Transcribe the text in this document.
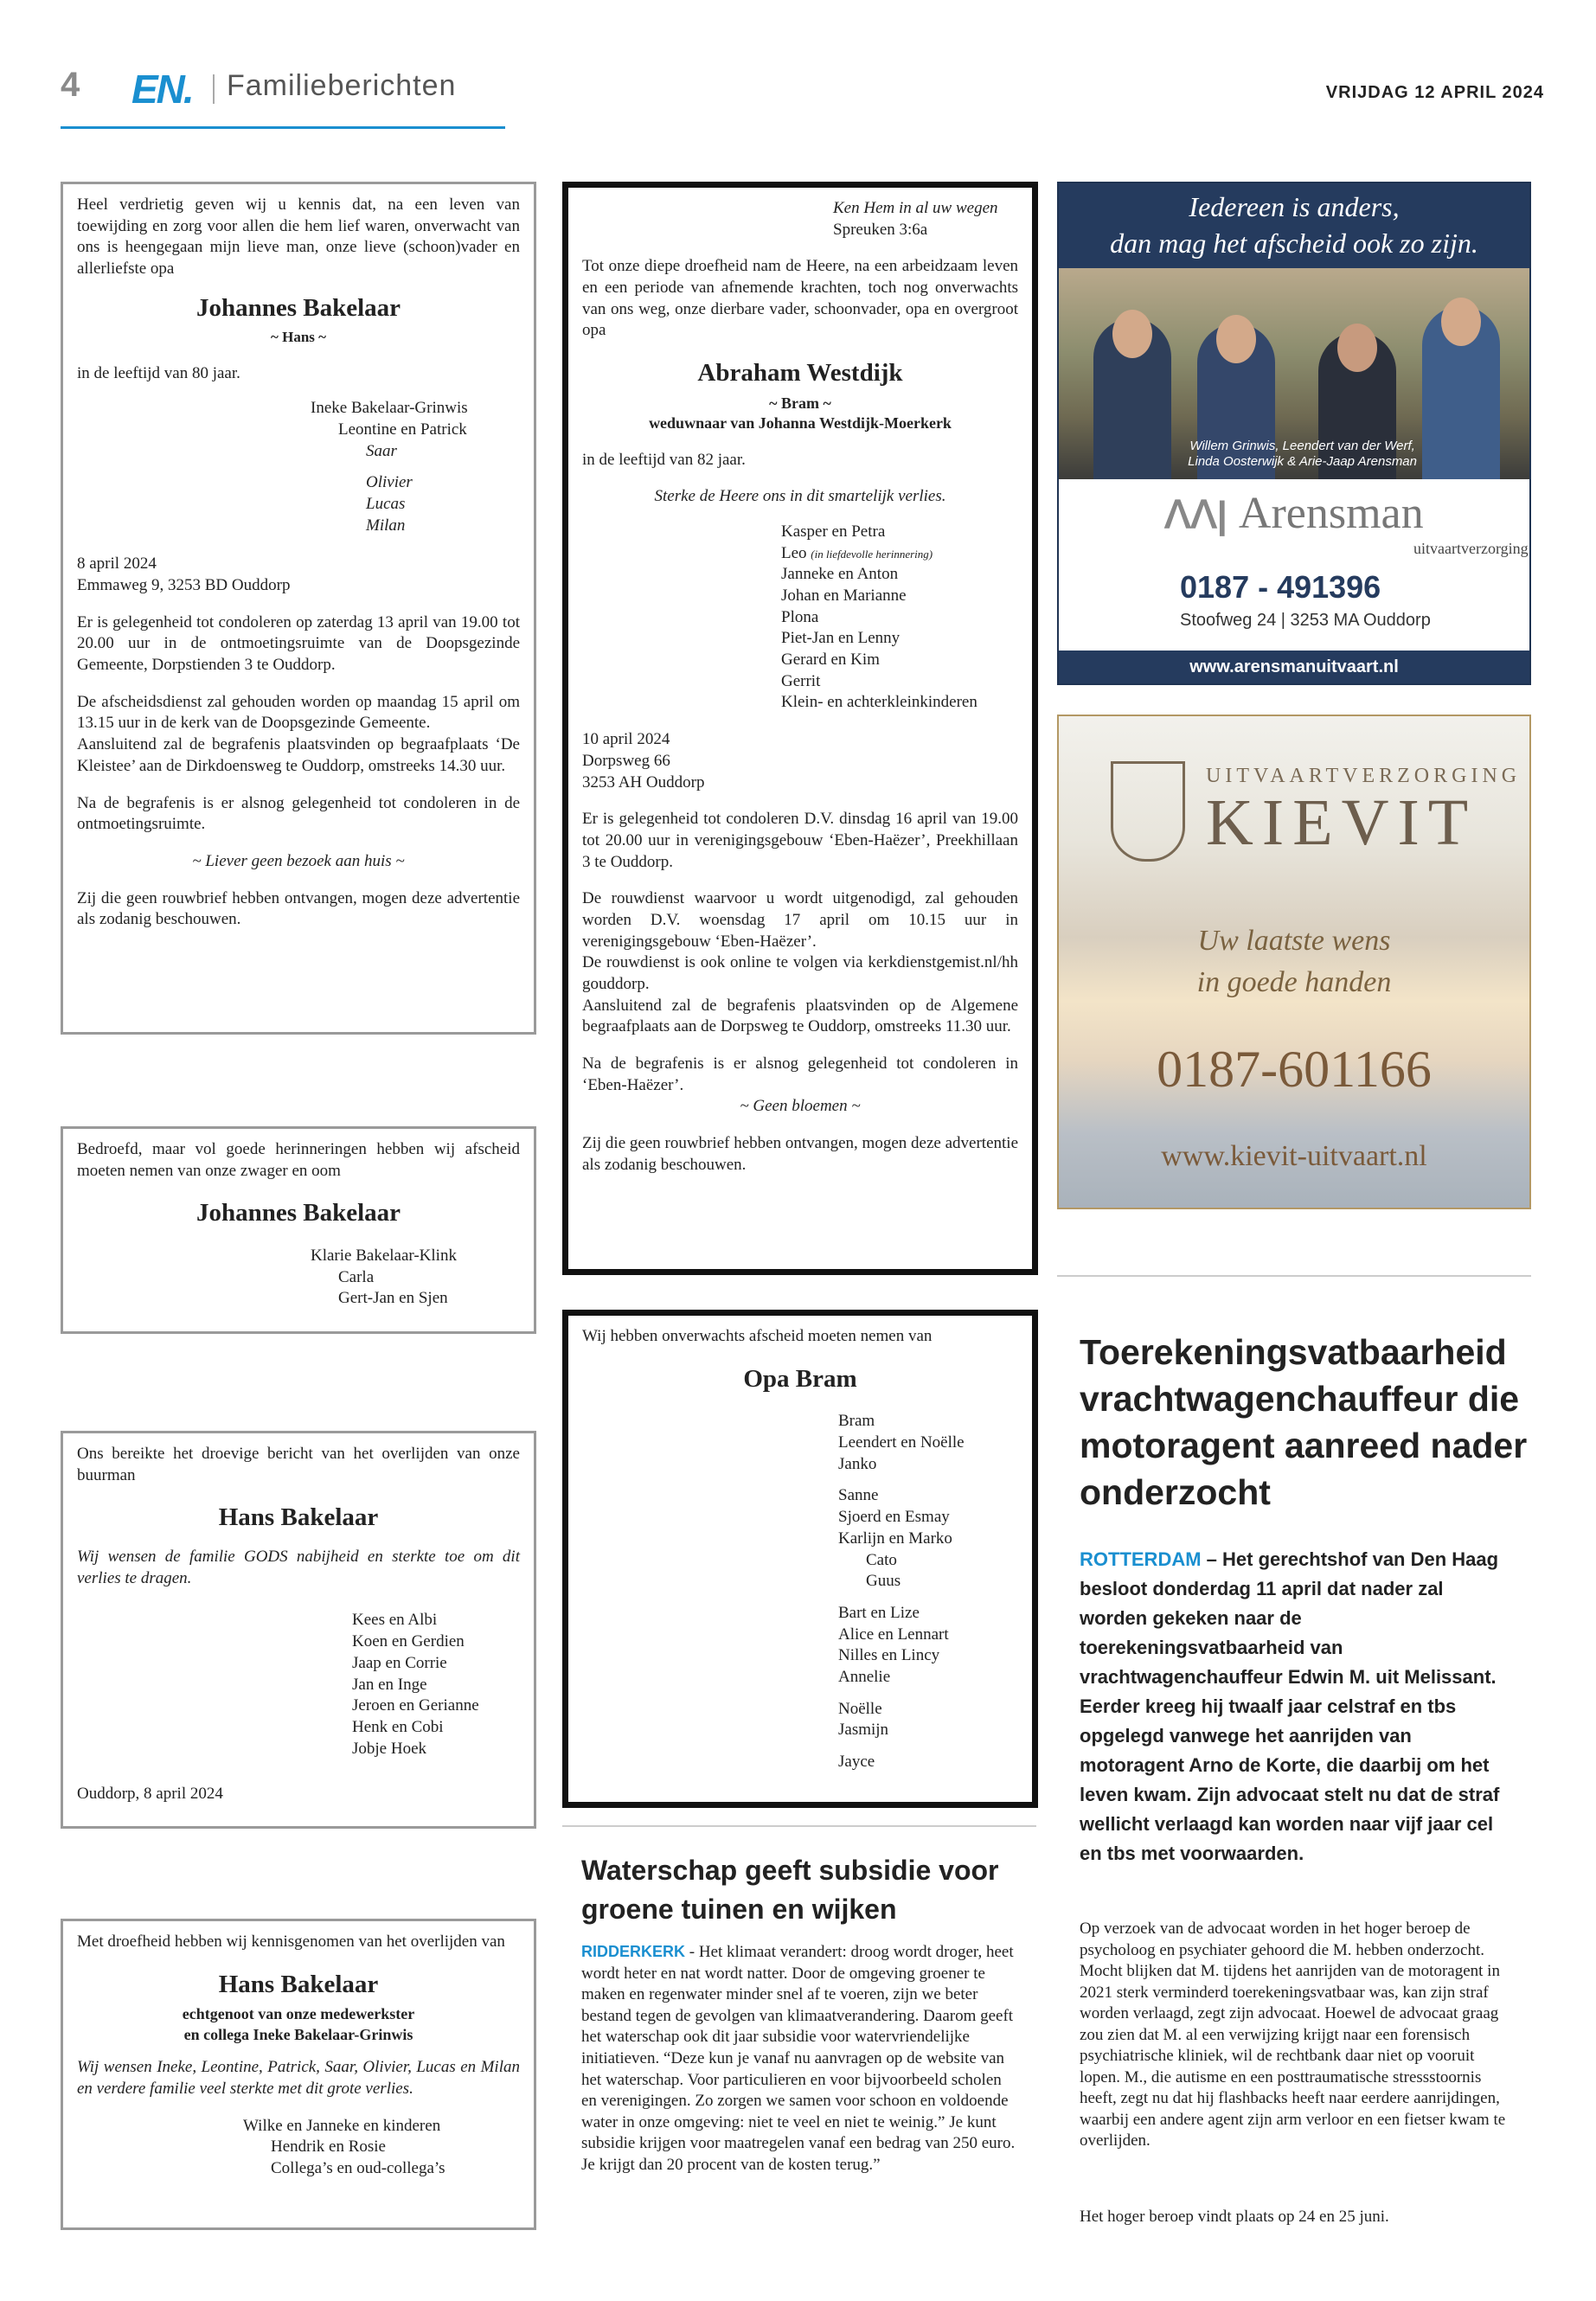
4 EN. Familieberichten	VRIJDAG 12 APRIL 2024

Heel verdrietig geven wij u kennis dat, na een leven van toewijding en zorg voor allen die hem lief waren, onverwacht van ons is heengegaan mijn lieve man, onze lieve (schoon)vader en allerliefste opa

Johannes Bakelaar
~ Hans ~

in de leeftijd van 80 jaar.

Ineke Bakelaar-Grinwis
Leontine en Patrick
Saar
Olivier
Lucas
Milan
8 april 2024

Emmaweg 9, 3253 BD Ouddorp

Er is gelegenheid tot condoleren op zaterdag 13 april van 19.00 tot 20.00 uur in de ontmoetingsruimte van de Doopsgezinde Gemeente, Dorpstienden 3 te Ouddorp.

De afscheidsdienst zal gehouden worden op maandag 15 april om 13.15 uur in de kerk van de Doopsgezinde Gemeente.

Aansluitend zal de begrafenis plaatsvinden op begraafplaats ‘De Kleistee’ aan de Dirkdoensweg te Ouddorp, omstreeks 14.30 uur.

Na de begrafenis is er alsnog gelegenheid tot condoleren in de ontmoetingsruimte.

~ Liever geen bezoek aan huis ~

Zij die geen rouwbrief hebben ontvangen, mogen deze advertentie als zodanig beschouwen.

Bedroefd, maar vol goede herinneringen hebben wij afscheid moeten nemen van onze zwager en oom

Johannes Bakelaar
Klarie Bakelaar-Klink
Carla
Gert-Jan en Sjen

Ons bereikte het droevige bericht van het overlijden van onze buurman

Hans Bakelaar

Wij wensen de familie GODS nabijheid en sterkte toe om dit verlies te dragen.

Kees en Albi
Koen en Gerdien
Jaap en Corrie
Jan en Inge
Jeroen en Gerianne
Henk en Cobi
Jobje Hoek
Ouddorp, 8 april 2024

Met droefheid hebben wij kennisgenomen van het overlijden van

Hans Bakelaar
echtgenoot van onze medewerkster
en collega Ineke Bakelaar-Grinwis

Wij wensen Ineke, Leontine, Patrick, Saar, Olivier, Lucas en Milan en verdere familie veel sterkte met dit grote verlies.

Wilke en Janneke en kinderen
Hendrik en Rosie
Collega’s en oud-collega’s
Ken Hem in al uw wegen
Spreuken 3:6a

Tot onze diepe droefheid nam de Heere, na een arbeidzaam leven en een periode van afnemende krachten, toch nog onverwachts van ons weg, onze dierbare vader, schoonvader, opa en overgroot opa

Abraham Westdijk
~ Bram ~
weduwnaar van Johanna Westdijk-Moerkerk

in de leeftijd van 82 jaar.

Sterke de Heere ons in dit smartelijk verlies.

Kasper en Petra
Leo (in liefdevolle herinnering)
Janneke en Anton
Johan en Marianne
Plona
Piet-Jan en Lenny
Gerard en Kim
Gerrit
Klein- en achterkleinkinderen
10 april 2024
Dorpsweg 66

3253 AH Ouddorp

Er is gelegenheid tot condoleren D.V. dinsdag 16 april van 19.00 tot 20.00 uur in verenigingsgebouw ‘Eben-Haëzer’, Preekhillaan 3 te Ouddorp.

De rouwdienst waarvoor u wordt uitgenodigd, zal gehouden worden D.V. woensdag 17 april om 10.15 uur in verenigingsgebouw ‘Eben-Haëzer’.

De rouwdienst is ook online te volgen via kerkdienstgemist.nl/hhgouddorp.

Aansluitend zal de begrafenis plaatsvinden op de Algemene begraafplaats aan de Dorpsweg te Ouddorp, omstreeks 11.30 uur.

Na de begrafenis is er alsnog gelegenheid tot condoleren in ‘Eben-Haëzer’.

~ Geen bloemen ~

Zij die geen rouwbrief hebben ontvangen, mogen deze advertentie als zodanig beschouwen.

Wij hebben onverwachts afscheid moeten nemen van

Opa Bram
Bram
Leendert en Noëlle
Janko
Sanne
Sjoerd en Esmay
Karlijn en Marko
Cato
Guus
Bart en Lize
Alice en Lennart
Nilles en Lincy
Annelie
Noëlle
Jasmijn
Jayce
Iedereen is anders,
dan mag het afscheid ook zo zijn.
Willem Grinwis, Leendert van der Werf,
Linda Oosterwijk & Arie-Jaap Arensman
ᐱᐱ| Arensman
uitvaartverzorging
0187 - 491396
Stoofweg 24 | 3253 MA Ouddorp
www.arensmanuitvaart.nl
UITVAARTVERZORGING
KIEVIT
Uw laatste wens
in goede handen
0187-601166
www.kievit-uitvaart.nl
Toerekeningsvatbaarheid vrachtwagenchauffeur die motoragent aanreed nader onderzocht
ROTTERDAM – Het gerechtshof van Den Haag besloot donderdag 11 april dat nader zal worden gekeken naar de toerekeningsvatbaarheid van vrachtwagenchauffeur Edwin M. uit Melissant. Eerder kreeg hij twaalf jaar celstraf en tbs opgelegd vanwege het aanrijden van motoragent Arno de Korte, die daarbij om het leven kwam. Zijn advocaat stelt nu dat de straf wellicht verlaagd kan worden naar vijf jaar cel en tbs met voorwaarden.
Op verzoek van de advocaat worden in het hoger beroep de psycholoog en psychiater gehoord die M. hebben onderzocht. Mocht blijken dat M. tijdens het aanrijden van de motoragent in 2021 sterk verminderd toerekeningsvatbaar was, kan zijn straf worden verlaagd, zegt zijn advocaat. Hoewel de advocaat graag zou zien dat M. al een verwijzing krijgt naar een forensisch psychiatrische kliniek, wil de rechtbank daar niet op vooruit lopen. M., die autisme en een posttraumatische stressstoornis heeft, zegt nu dat hij flashbacks heeft naar eerdere aanrijdingen, waarbij een andere agent zijn arm verloor en een fietser kwam te overlijden.
Het hoger beroep vindt plaats op 24 en 25 juni.
Waterschap geeft subsidie voor groene tuinen en wijken
RIDDERKERK - Het klimaat verandert: droog wordt droger, heet wordt heter en nat wordt natter. Door de omgeving groener te maken en regenwater minder snel af te voeren, zijn we beter bestand tegen de gevolgen van klimaatverandering. Daarom geeft het waterschap ook dit jaar subsidie voor watervriendelijke initiatieven. “Deze kun je vanaf nu aanvragen op de website van het waterschap. Voor particulieren en voor bijvoorbeeld scholen en verenigingen. Zo zorgen we samen voor schoon en voldoende water in onze omgeving: niet te veel en niet te weinig.” Je kunt subsidie krijgen voor maatregelen vanaf een bedrag van 250 euro. Je krijgt dan 20 procent van de kosten terug.”
